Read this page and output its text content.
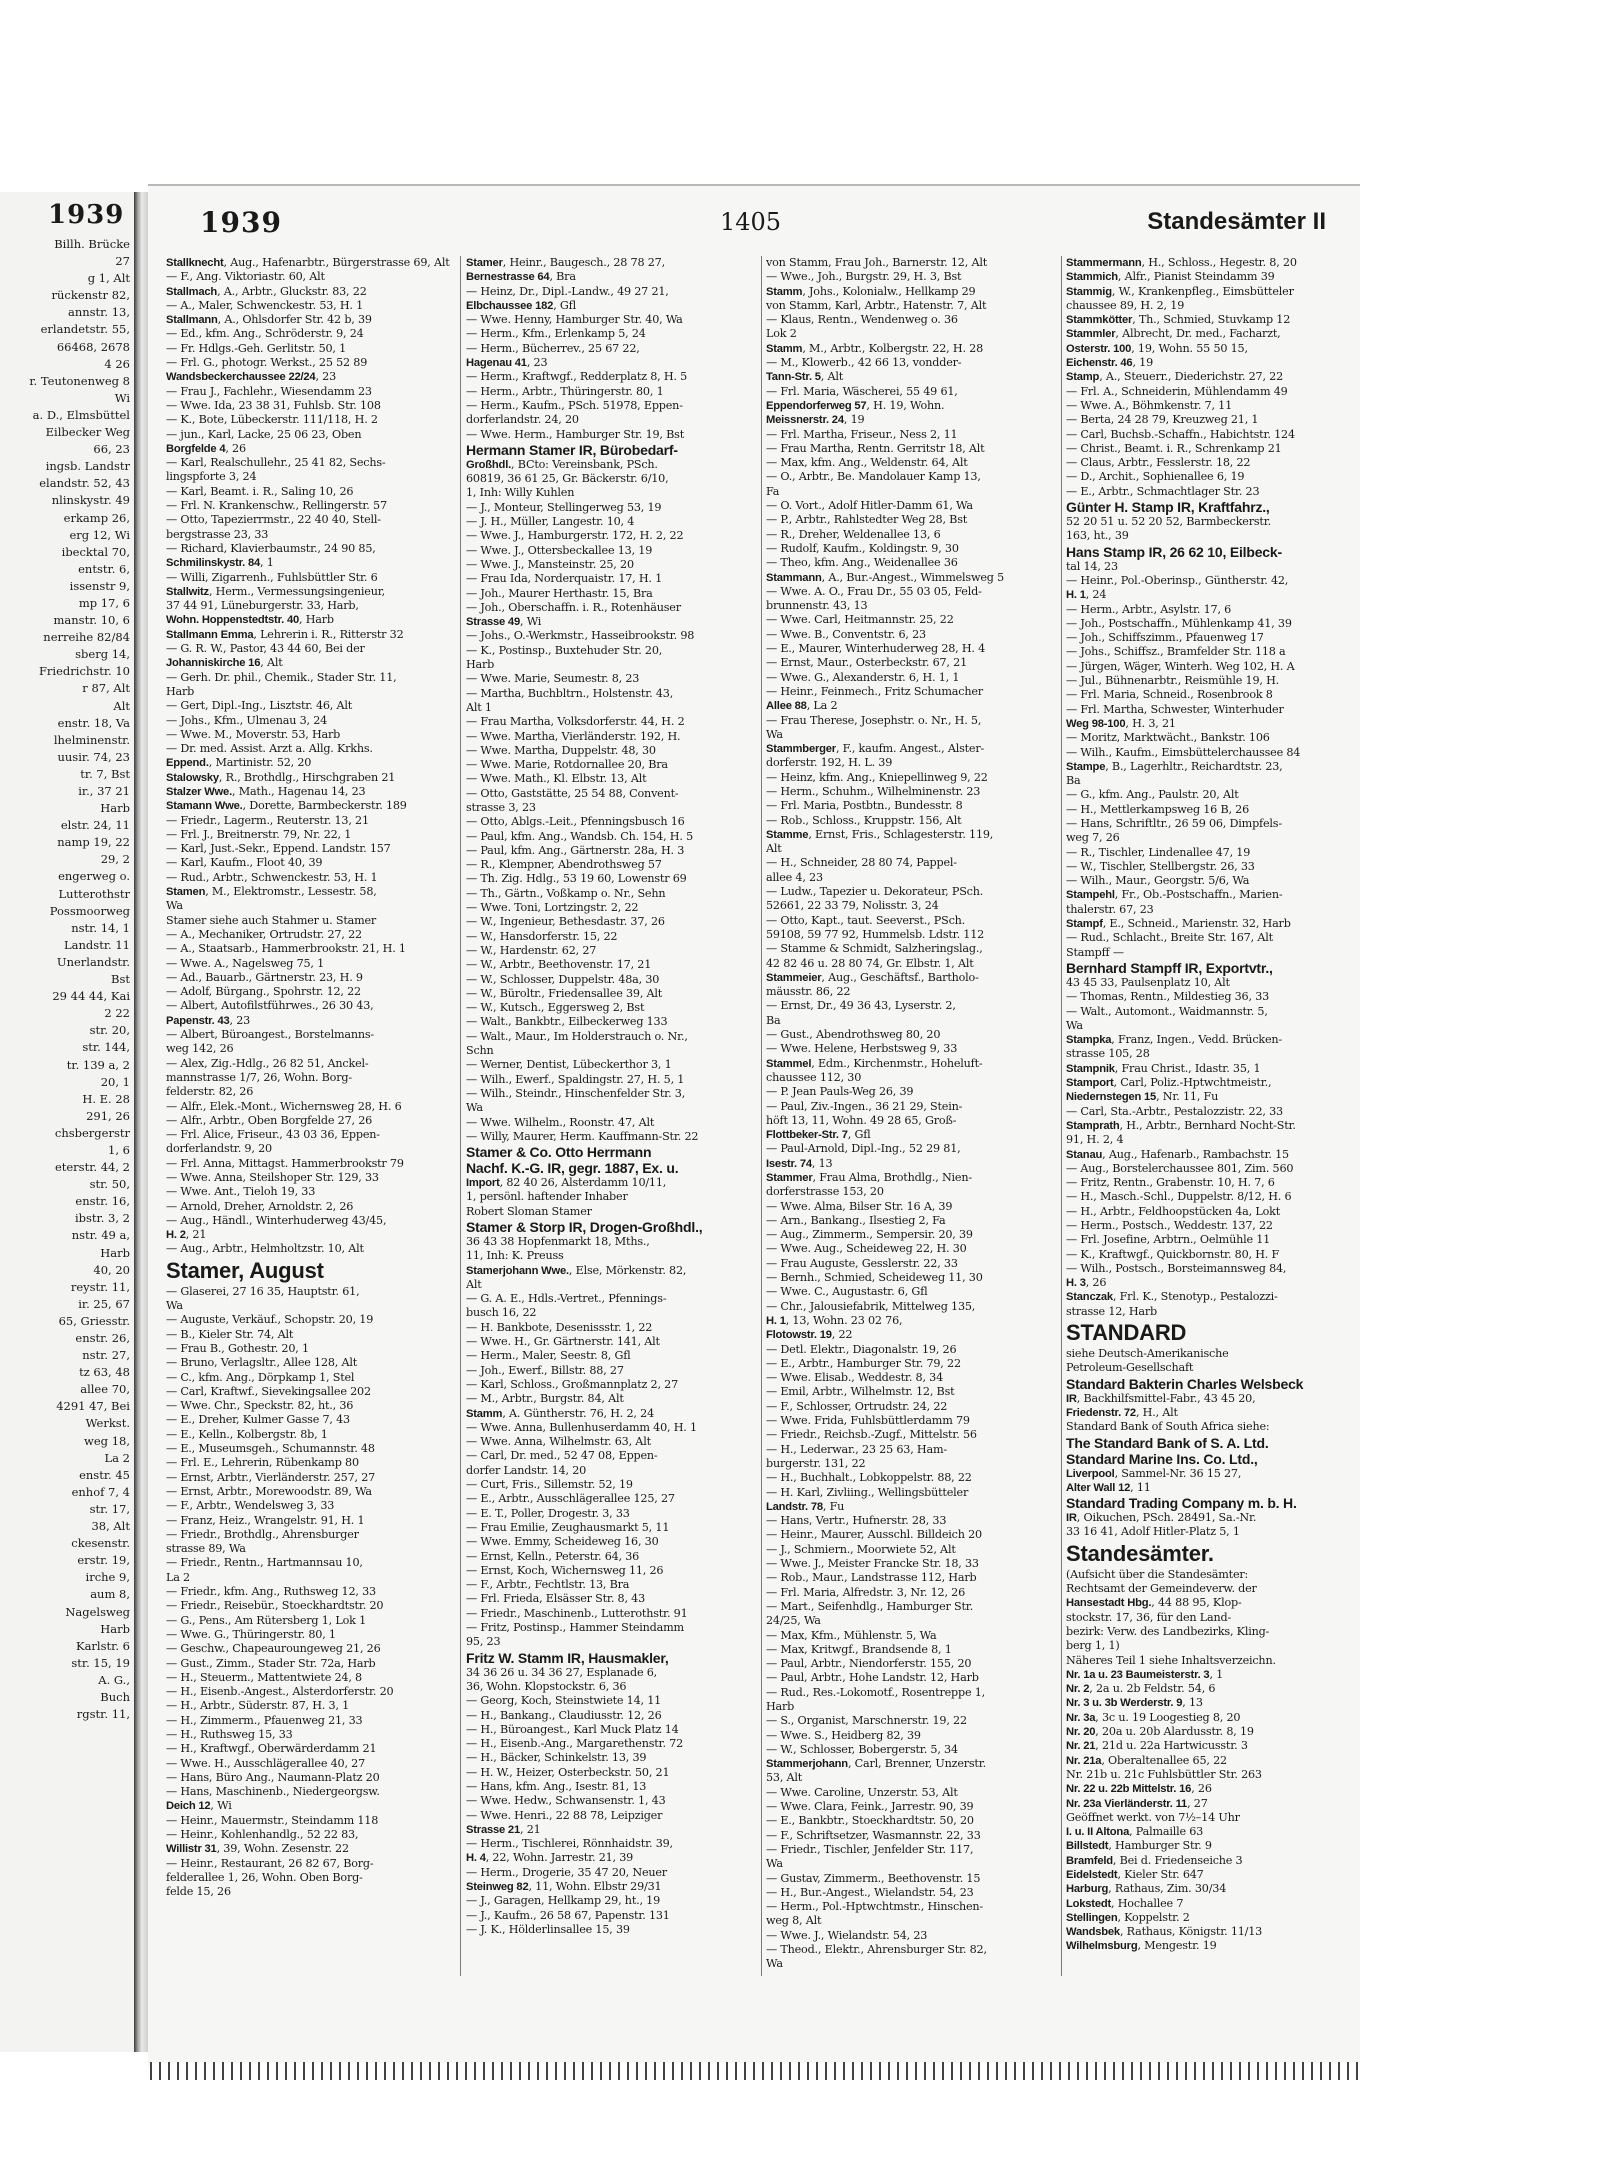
1939
Billh. Brücke
27
g 1, Alt
rückenstr 82,
annstr. 13,
erlandetstr. 55,
66468, 2678
4 26
r. Teutonenweg 8
Wi
a. D., Elmsbüttel
Eilbecker Weg
66, 23
ingsb. Landstr
elandstr. 52, 43
nlinskystr. 49
erkamp 26,
erg 12, Wi
ibecktal 70,
entstr. 6,
issenstr 9,
mp 17, 6
manstr. 10, 6
nerreihe 82/84
sberg 14,
Friedrichstr. 10
r 87, Alt
Alt
enstr. 18, Va
lhelminenstr.
uusir. 74, 23
tr. 7, Bst
ir., 37 21
Harb
elstr. 24, 11
namp 19, 22
29, 2
engerweg o.
Lutterothstr
Possmoorweg
nstr. 14, 1
Landstr. 11
Unerlandstr.
Bst
29 44 44, Kai
2 22
str. 20,
str. 144,
tr. 139 a, 2
20, 1
H. E. 28
291, 26
chsbergerstr
1, 6
eterstr. 44, 2
str. 50,
enstr. 16,
ibstr. 3, 2
nstr. 49 a,
Harb
40, 20
reystr. 11,
ir. 25, 67
65, Griesstr.
enstr. 26,
nstr. 27,
tz 63, 48
allee 70,
4291 47, Bei
Werkst.
weg 18,
La 2
enstr. 45
enhof 7, 4
str. 17,
38, Alt
ckesenstr.
erstr. 19,
irche 9,
aum 8,
Nagelsweg
Harb
Karlstr. 6
str. 15, 19
A. G.,
Buch
rgstr. 11,
1939	1405	Standesämter II
Stallknecht, Aug., Hafenarbtr., Bürgerstrasse 69, Alt
— F., Ang. Viktoriastr. 60, Alt
Stallmach, A., Arbtr., Gluckstr. 83, 22
— A., Maler, Schwenckestr. 53, H. 1
Stallmann, A., Ohlsdorfer Str. 42 b, 39
— Ed., kfm. Ang., Schröderstr. 9, 24
— Fr. Hdlgs.-Geh. Gerlitstr. 50, 1
— Frl. G., photogr. Werkst., 25 52 89
Wandsbeckerchaussee 22/24, 23
— Frau J., Fachlehr., Wiesendamm 23
— Wwe. Ida, 23 38 31, Fuhlsb. Str. 108
— K., Bote, Lübeckerstr. 111/118, H. 2
— jun., Karl, Lacke, 25 06 23, Oben
Borgfelde 4, 26
— Karl, Realschullehr., 25 41 82, Sechs-
lingspforte 3, 24
— Karl, Beamt. i. R., Saling 10, 26
— Frl. N. Krankenschw., Rellingerstr. 57
— Otto, Tapezierrmstr., 22 40 40, Stell-
bergstrasse 23, 33
— Richard, Klavierbaumstr., 24 90 85,
Schmilinskystr. 84, 1
— Willi, Zigarrenh., Fuhlsbüttler Str. 6
Stallwitz, Herm., Vermessungsingenieur,
37 44 91, Lüneburgerstr. 33, Harb,
Wohn. Hoppenstedtstr. 40, Harb
Stallmann Emma, Lehrerin i. R., Ritterstr 32
— G. R. W., Pastor, 43 44 60, Bei der
Johanniskirche 16, Alt
— Gerh. Dr. phil., Chemik., Stader Str. 11,
Harb
— Gert, Dipl.-Ing., Lisztstr. 46, Alt
— Johs., Kfm., Ulmenau 3, 24
— Wwe. M., Moverstr. 53, Harb
— Dr. med. Assist. Arzt a. Allg. Krkhs.
Eppend., Martinistr. 52, 20
Stalowsky, R., Brothdlg., Hirschgraben 21
Stalzer Wwe., Math., Hagenau 14, 23
Stamann Wwe., Dorette, Barmbeckerstr. 189
— Friedr., Lagerm., Reuterstr. 13, 21
— Frl. J., Breitnerstr. 79, Nr. 22, 1
— Karl, Just.-Sekr., Eppend. Landstr. 157
— Karl, Kaufm., Floot 40, 39
— Rud., Arbtr., Schwenckestr. 53, H. 1
Stamen, M., Elektromstr., Lessestr. 58,
Wa
Stamer siehe auch Stahmer u. Stamer
— A., Mechaniker, Ortrudstr. 27, 22
— A., Staatsarb., Hammerbrookstr. 21, H. 1
— Wwe. A., Nagelsweg 75, 1
— Ad., Bauarb., Gärtnerstr. 23, H. 9
— Adolf, Bürgang., Spohrstr. 12, 22
— Albert, Autofilstführwes., 26 30 43,
Papenstr. 43, 23
— Albert, Büroangest., Borstelmanns-
weg 142, 26
— Alex, Zig.-Hdlg., 26 82 51, Anckel-
mannstrasse 1/7, 26, Wohn. Borg-
felderstr. 82, 26
— Alfr., Elek.-Mont., Wichernsweg 28, H. 6
— Alfr., Arbtr., Oben Borgfelde 27, 26
— Frl. Alice, Friseur., 43 03 36, Eppen-
dorferlandstr. 9, 20
— Frl. Anna, Mittagst. Hammerbrookstr 79
— Wwe. Anna, Steilshoper Str. 129, 33
— Wwe. Ant., Tieloh 19, 33
— Arnold, Dreher, Arnoldstr. 2, 26
— Aug., Händl., Winterhuderweg 43/45,
H. 2, 21
— Aug., Arbtr., Helmholtzstr. 10, Alt
Stamer, August
— Glaserei, 27 16 35, Hauptstr. 61,
Wa
— Auguste, Verkäuf., Schopstr. 20, 19
— B., Kieler Str. 74, Alt
— Frau B., Gothestr. 20, 1
— Bruno, Verlagsltr., Allee 128, Alt
— C., kfm. Ang., Dörpkamp 1, Stel
— Carl, Kraftwf., Sievekingsallee 202
— Wwe. Chr., Speckstr. 82, ht., 36
— E., Dreher, Kulmer Gasse 7, 43
— E., Kelln., Kolbergstr. 8b, 1
— E., Museumsgeh., Schumannstr. 48
— Frl. E., Lehrerin, Rübenkamp 80
— Ernst, Arbtr., Vierländerstr. 257, 27
— Ernst, Arbtr., Morewoodstr. 89, Wa
— F., Arbtr., Wendelsweg 3, 33
— Franz, Heiz., Wrangelstr. 91, H. 1
— Friedr., Brothdlg., Ahrensburger
strasse 89, Wa
— Friedr., Rentn., Hartmannsau 10,
La 2
— Friedr., kfm. Ang., Ruthsweg 12, 33
— Friedr., Reisebür., Stoeckhardtstr. 20
— G., Pens., Am Rütersberg 1, Lok 1
— Wwe. G., Thüringerstr. 80, 1
— Geschw., Chapeauroungeweg 21, 26
— Gust., Zimm., Stader Str. 72a, Harb
— H., Steuerm., Mattentwiete 24, 8
— H., Eisenb.-Angest., Alsterdorferstr. 20
— H., Arbtr., Süderstr. 87, H. 3, 1
— H., Zimmerm., Pfauenweg 21, 33
— H., Ruthsweg 15, 33
— H., Kraftwgf., Oberwärderdamm 21
— Wwe. H., Ausschlägerallee 40, 27
— Hans, Büro Ang., Naumann-Platz 20
— Hans, Maschinenb., Niedergeorgsw.
Deich 12, Wi
— Heinr., Mauermstr., Steindamm 118
— Heinr., Kohlenhandlg., 52 22 83,
Willistr 31, 39, Wohn. Zesenstr. 22
— Heinr., Restaurant, 26 82 67, Borg-
felderallee 1, 26, Wohn. Oben Borg-
felde 15, 26
Stamer, Heinr., Baugesch., 28 78 27,
Bernestrasse 64, Bra
— Heinz, Dr., Dipl.-Landw., 49 27 21,
Elbchaussee 182, Gfl
— Wwe. Henny, Hamburger Str. 40, Wa
— Herm., Kfm., Erlenkamp 5, 24
— Herm., Bücherrev., 25 67 22,
Hagenau 41, 23
— Herm., Kraftwgf., Redderplatz 8, H. 5
— Herm., Arbtr., Thüringerstr. 80, 1
— Herm., Kaufm., PSch. 51978, Eppen-
dorferlandstr. 24, 20
— Wwe. Herm., Hamburger Str. 19, Bst
Hermann Stamer IR, Bürobedarf-
Großhdl., BCto: Vereinsbank, PSch.
60819, 36 61 25, Gr. Bäckerstr. 6/10,
1, Inh: Willy Kuhlen
— J., Monteur, Stellingerweg 53, 19
— J. H., Müller, Langestr. 10, 4
— Wwe. J., Hamburgerstr. 172, H. 2, 22
— Wwe. J., Ottersbeckallee 13, 19
— Wwe. J., Mansteinstr. 25, 20
— Frau Ida, Norderquaistr. 17, H. 1
— Joh., Maurer Herthastr. 15, Bra
— Joh., Oberschaffn. i. R., Rotenhäuser
Strasse 49, Wi
— Johs., O.-Werkmstr., Hasseibrookstr. 98
— K., Postinsp., Buxtehuder Str. 20,
Harb
— Wwe. Marie, Seumestr. 8, 23
— Martha, Buchbltrn., Holstenstr. 43,
Alt 1
— Frau Martha, Volksdorferstr. 44, H. 2
— Wwe. Martha, Vierländerstr. 192, H.
— Wwe. Martha, Duppelstr. 48, 30
— Wwe. Marie, Rotdornallee 20, Bra
— Wwe. Math., Kl. Elbstr. 13, Alt
— Otto, Gaststätte, 25 54 88, Convent-
strasse 3, 23
— Otto, Ablgs.-Leit., Pfenningsbusch 16
— Paul, kfm. Ang., Wandsb. Ch. 154, H. 5
— Paul, kfm. Ang., Gärtnerstr. 28a, H. 3
— R., Klempner, Abendrothsweg 57
— Th. Zig. Hdlg., 53 19 60, Lowenstr 69
— Th., Gärtn., Voßkamp o. Nr., Sehn
— Wwe. Toni, Lortzingstr. 2, 22
— W., Ingenieur, Bethesdastr. 37, 26
— W., Hansdorferstr. 15, 22
— W., Hardenstr. 62, 27
— W., Arbtr., Beethovenstr. 17, 21
— W., Schlosser, Duppelstr. 48a, 30
— W., Büroltr., Friedensallee 39, Alt
— W., Kutsch., Eggersweg 2, Bst
— Walt., Bankbtr., Eilbeckerweg 133
— Walt., Maur., Im Holderstrauch o. Nr.,
Schn
— Werner, Dentist, Lübeckerthor 3, 1
— Wilh., Ewerf., Spaldingstr. 27, H. 5, 1
— Wilh., Steindr., Hinschenfelder Str. 3,
Wa
— Wwe. Wilhelm., Roonstr. 47, Alt
— Willy, Maurer, Herm. Kauffmann-Str. 22
Stamer & Co. Otto Herrmann
Nachf. K.-G. IR, gegr. 1887, Ex. u.
Import, 82 40 26, Alsterdamm 10/11,
1, persönl. haftender Inhaber
Robert Sloman Stamer
Stamer & Storp IR, Drogen-Großhdl.,
36 43 38 Hopfenmarkt 18, Mths.,
11, Inh: K. Preuss
Stamerjohann Wwe., Else, Mörkenstr. 82,
Alt
— G. A. E., Hdls.-Vertret., Pfennings-
busch 16, 22
— H. Bankbote, Desenissstr. 1, 22
— Wwe. H., Gr. Gärtnerstr. 141, Alt
— Herm., Maler, Seestr. 8, Gfl
— Joh., Ewerf., Billstr. 88, 27
— Karl, Schloss., Großmannplatz 2, 27
— M., Arbtr., Burgstr. 84, Alt
Stamm, A. Güntherstr. 76, H. 2, 24
— Wwe. Anna, Bullenhuserdamm 40, H. 1
— Wwe. Anna, Wilhelmstr. 63, Alt
— Carl, Dr. med., 52 47 08, Eppen-
dorfer Landstr. 14, 20
— Curt, Fris., Sillemstr. 52, 19
— E., Arbtr., Ausschlägerallee 125, 27
— E. T., Poller, Drogestr. 3, 33
— Frau Emilie, Zeughausmarkt 5, 11
— Wwe. Emmy, Scheideweg 16, 30
— Ernst, Kelln., Peterstr. 64, 36
— Ernst, Koch, Wichernsweg 11, 26
— F., Arbtr., Fechtlstr. 13, Bra
— Frl. Frieda, Elsässer Str. 8, 43
— Friedr., Maschinenb., Lutterothstr. 91
— Fritz, Postinsp., Hammer Steindamm
95, 23
Fritz W. Stamm IR, Hausmakler,
34 36 26 u. 34 36 27, Esplanade 6,
36, Wohn. Klopstockstr. 6, 36
— Georg, Koch, Steinstwiete 14, 11
— H., Bankang., Claudiusstr. 12, 26
— H., Büroangest., Karl Muck Platz 14
— H., Eisenb.-Ang., Margarethenstr. 72
— H., Bäcker, Schinkelstr. 13, 39
— H. W., Heizer, Osterbeckstr. 50, 21
— Hans, kfm. Ang., Isestr. 81, 13
— Wwe. Hedw., Schwansenstr. 1, 43
— Wwe. Henri., 22 88 78, Leipziger
Strasse 21, 21
— Herm., Tischlerei, Rönnhaidstr. 39,
H. 4, 22, Wohn. Jarrestr. 21, 39
— Herm., Drogerie, 35 47 20, Neuer
Steinweg 82, 11, Wohn. Elbstr 29/31
— J., Garagen, Hellkamp 29, ht., 19
— J., Kaufm., 26 58 67, Papenstr. 131
— J. K., Hölderlinsallee 15, 39
von Stamm, Frau Joh., Barnerstr. 12, Alt
— Wwe., Joh., Burgstr. 29, H. 3, Bst
Stamm, Johs., Kolonialw., Hellkamp 29
von Stamm, Karl, Arbtr., Hatenstr. 7, Alt
— Klaus, Rentn., Wendenweg o. 36
Lok 2
Stamm, M., Arbtr., Kolbergstr. 22, H. 28
— M., Klowerb., 42 66 13, vondder-
Tann-Str. 5, Alt
— Frl. Maria, Wäscherei, 55 49 61,
Eppendorferweg 57, H. 19, Wohn.
Meissnerstr. 24, 19
— Frl. Martha, Friseur., Ness 2, 11
— Frau Martha, Rentn. Gerritstr 18, Alt
— Max, kfm. Ang., Weldenstr. 64, Alt
— O., Arbtr., Be. Mandolauer Kamp 13,
Fa
— O. Vort., Adolf Hitler-Damm 61, Wa
— P., Arbtr., Rahlstedter Weg 28, Bst
— R., Dreher, Weldenallee 13, 6
— Rudolf, Kaufm., Koldingstr. 9, 30
— Theo, kfm. Ang., Weidenallee 36
Stammann, A., Bur.-Angest., Wimmelsweg 5
— Wwe. A. O., Frau Dr., 55 03 05, Feld-
brunnenstr. 43, 13
— Wwe. Carl, Heitmannstr. 25, 22
— Wwe. B., Conventstr. 6, 23
— E., Maurer, Winterhuderweg 28, H. 4
— Ernst, Maur., Osterbeckstr. 67, 21
— Wwe. G., Alexanderstr. 6, H. 1, 1
— Heinr., Feinmech., Fritz Schumacher
Allee 88, La 2
— Frau Therese, Josephstr. o. Nr., H. 5,
Wa
Stammberger, F., kaufm. Angest., Alster-
dorferstr. 192, H. L. 39
— Heinz, kfm. Ang., Kniepellinweg 9, 22
— Herm., Schuhm., Wilhelminenstr. 23
— Frl. Maria, Postbtn., Bundesstr. 8
— Rob., Schloss., Kruppstr. 156, Alt
Stamme, Ernst, Fris., Schlagesterstr. 119,
Alt
— H., Schneider, 28 80 74, Pappel-
allee 4, 23
— Ludw., Tapezier u. Dekorateur, PSch.
52661, 22 33 79, Nolisstr. 3, 24
— Otto, Kapt., taut. Seeverst., PSch.
59108, 59 77 92, Hummelsb. Ldstr. 112
— Stamme & Schmidt, Salzheringslag.,
42 82 46 u. 28 80 74, Gr. Elbstr. 1, Alt
Stammeier, Aug., Geschäftsf., Bartholo-
mäusstr. 86, 22
— Ernst, Dr., 49 36 43, Lyserstr. 2,
Ba
— Gust., Abendrothsweg 80, 20
— Wwe. Helene, Herbstsweg 9, 33
Stammel, Edm., Kirchenmstr., Hoheluft-
chaussee 112, 30
— P. Jean Pauls-Weg 26, 39
— Paul, Ziv.-Ingen., 36 21 29, Stein-
höft 13, 11, Wohn. 49 28 65, Groß-
Flottbeker-Str. 7, Gfl
— Paul-Arnold, Dipl.-Ing., 52 29 81,
Isestr. 74, 13
Stammer, Frau Alma, Brothdlg., Nien-
dorferstrasse 153, 20
— Wwe. Alma, Bilser Str. 16 A, 39
— Arn., Bankang., Ilsestieg 2, Fa
— Aug., Zimmerm., Sempersir. 20, 39
— Wwe. Aug., Scheideweg 22, H. 30
— Frau Auguste, Gesslerstr. 22, 33
— Bernh., Schmied, Scheideweg 11, 30
— Wwe. C., Augustastr. 6, Gfl
— Chr., Jalousiefabrik, Mittelweg 135,
H. 1, 13, Wohn. 23 02 76,
Flotowstr. 19, 22
— Detl. Elektr., Diagonalstr. 19, 26
— E., Arbtr., Hamburger Str. 79, 22
— Wwe. Elisab., Weddestr. 8, 34
— Emil, Arbtr., Wilhelmstr. 12, Bst
— F., Schlosser, Ortrudstr. 24, 22
— Wwe. Frida, Fuhlsbüttlerdamm 79
— Friedr., Reichsb.-Zugf., Mittelstr. 56
— H., Lederwar., 23 25 63, Ham-
burgerstr. 131, 22
— H., Buchhalt., Lobkoppelstr. 88, 22
— H. Karl, Zivliing., Wellingsbütteler
Landstr. 78, Fu
— Hans, Vertr., Hufnerstr. 28, 33
— Heinr., Maurer, Ausschl. Billdeich 20
— J., Schmiern., Moorwiete 52, Alt
— Wwe. J., Meister Francke Str. 18, 33
— Rob., Maur., Landstrasse 112, Harb
— Frl. Maria, Alfredstr. 3, Nr. 12, 26
— Mart., Seifenhdlg., Hamburger Str.
24/25, Wa
— Max, Kfm., Mühlenstr. 5, Wa
— Max, Kritwgf., Brandsende 8, 1
— Paul, Arbtr., Niendorferstr. 155, 20
— Paul, Arbtr., Hohe Landstr. 12, Harb
— Rud., Res.-Lokomotf., Rosentreppe 1,
Harb
— S., Organist, Marschnerstr. 19, 22
— Wwe. S., Heidberg 82, 39
— W., Schlosser, Bobergerstr. 5, 34
Stammerjohann, Carl, Brenner, Unzerstr.
53, Alt
— Wwe. Caroline, Unzerstr. 53, Alt
— Wwe. Clara, Feink., Jarrestr. 90, 39
— E., Bankbtr., Stoeckhardtstr. 50, 20
— F., Schriftsetzer, Wasmannstr. 22, 33
— Friedr., Tischler, Jenfelder Str. 117,
Wa
— Gustav, Zimmerm., Beethovenstr. 15
— H., Bur.-Angest., Wielandstr. 54, 23
— Herm., Pol.-Hptwchtmstr., Hinschen-
weg 8, Alt
— Wwe. J., Wielandstr. 54, 23
— Theod., Elektr., Ahrensburger Str. 82,
Wa
Stammermann, H., Schloss., Hegestr. 8, 20
Stammich, Alfr., Pianist Steindamm 39
Stammig, W., Krankenpfleg., Eimsbütteler
chaussee 89, H. 2, 19
Stammkötter, Th., Schmied, Stuvkamp 12
Stammler, Albrecht, Dr. med., Facharzt,
Osterstr. 100, 19, Wohn. 55 50 15,
Eichenstr. 46, 19
Stamp, A., Steuerr., Diederichstr. 27, 22
— Frl. A., Schneiderin, Mühlendamm 49
— Wwe. A., Böhmkenstr. 7, 11
— Berta, 24 28 79, Kreuzweg 21, 1
— Carl, Buchsb.-Schaffn., Habichtstr. 124
— Christ., Beamt. i. R., Schrenkamp 21
— Claus, Arbtr., Fesslerstr. 18, 22
— D., Archit., Sophienallee 6, 19
— E., Arbtr., Schmachtlager Str. 23
Günter H. Stamp IR, Kraftfahrz.,
52 20 51 u. 52 20 52, Barmbeckerstr.
163, ht., 39
Hans Stamp IR, 26 62 10, Eilbeck-
tal 14, 23
— Heinr., Pol.-Oberinsp., Güntherstr. 42,
H. 1, 24
— Herm., Arbtr., Asylstr. 17, 6
— Joh., Postschaffn., Mühlenkamp 41, 39
— Joh., Schiffszimm., Pfauenweg 17
— Johs., Schiffsz., Bramfelder Str. 118 a
— Jürgen, Wäger, Winterh. Weg 102, H. A
— Jul., Bühnenarbtr., Reismühle 19, H.
— Frl. Maria, Schneid., Rosenbrook 8
— Frl. Martha, Schwester, Winterhuder
Weg 98-100, H. 3, 21
— Moritz, Marktwächt., Bankstr. 106
— Wilh., Kaufm., Eimsbüttelerchaussee 84
Stampe, B., Lagerhltr., Reichardtstr. 23,
Ba
— G., kfm. Ang., Paulstr. 20, Alt
— H., Mettlerkampsweg 16 B, 26
— Hans, Schriftltr., 26 59 06, Dimpfels-
weg 7, 26
— R., Tischler, Lindenallee 47, 19
— W., Tischler, Stellbergstr. 26, 33
— Wilh., Maur., Georgstr. 5/6, Wa
Stampehl, Fr., Ob.-Postschaffn., Marien-
thalerstr. 67, 23
Stampf, E., Schneid., Marienstr. 32, Harb
— Rud., Schlacht., Breite Str. 167, Alt
Stampff —
Bernhard Stampff IR, Exportvtr.,
43 45 33, Paulsenplatz 10, Alt
— Thomas, Rentn., Mildestieg 36, 33
— Walt., Automont., Waidmannstr. 5,
Wa
Stampka, Franz, Ingen., Vedd. Brücken-
strasse 105, 28
Stampnik, Frau Christ., Idastr. 35, 1
Stamport, Carl, Poliz.-Hptwchtmeistr.,
Niedernstegen 15, Nr. 11, Fu
— Carl, Sta.-Arbtr., Pestalozzistr. 22, 33
Stamprath, H., Arbtr., Bernhard Nocht-Str.
91, H. 2, 4
Stanau, Aug., Hafenarb., Rambachstr. 15
— Aug., Borstelerchaussee 801, Zim. 560
— Fritz, Rentn., Grabenstr. 10, H. 7, 6
— H., Masch.-Schl., Duppelstr. 8/12, H. 6
— H., Arbtr., Feldhoopstücken 4a, Lokt
— Herm., Postsch., Weddestr. 137, 22
— Frl. Josefine, Arbtrn., Oelmühle 11
— K., Kraftwgf., Quickbornstr. 80, H. F
— Wilh., Postsch., Borsteimannsweg 84,
H. 3, 26
Stanczak, Frl. K., Stenotyp., Pestalozzi-
strasse 12, Harb
STANDARD
siehe Deutsch-Amerikanische
Petroleum-Gesellschaft
Standard Bakterin Charles Welsbeck
IR, Backhilfsmittel-Fabr., 43 45 20,
Friedenstr. 72, H., Alt
Standard Bank of South Africa siehe:
The Standard Bank of S. A. Ltd.
Standard Marine Ins. Co. Ltd.,
Liverpool, Sammel-Nr. 36 15 27,
Alter Wall 12, 11
Standard Trading Company m. b. H.
IR, Oikuchen, PSch. 28491, Sa.-Nr.
33 16 41, Adolf Hitler-Platz 5, 1
Standesämter.
(Aufsicht über die Standesämter:
Rechtsamt der Gemeindeverw. der
Hansestadt Hbg., 44 88 95, Klop-
stockstr. 17, 36, für den Land-
bezirk: Verw. des Landbezirks, Kling-
berg 1, 1)
Näheres Teil 1 siehe Inhaltsverzeichn.
Nr. 1a u. 23 Baumeisterstr. 3, 1
Nr. 2, 2a u. 2b Feldstr. 54, 6
Nr. 3 u. 3b Werderstr. 9, 13
Nr. 3a, 3c u. 19 Loogestieg 8, 20
Nr. 20, 20a u. 20b Alardusstr. 8, 19
Nr. 21, 21d u. 22a Hartwicusstr. 3
Nr. 21a, Oberaltenallee 65, 22
Nr. 21b u. 21c Fuhlsbüttler Str. 263
Nr. 22 u. 22b Mittelstr. 16, 26
Nr. 23a Vierländerstr. 11, 27
Geöffnet werkt. von 7½–14 Uhr
I. u. II Altona, Palmaille 63
Billstedt, Hamburger Str. 9
Bramfeld, Bei d. Friedenseiche 3
Eidelstedt, Kieler Str. 647
Harburg, Rathaus, Zim. 30/34
Lokstedt, Hochallee 7
Stellingen, Koppelstr. 2
Wandsbek, Rathaus, Königstr. 11/13
Wilhelmsburg, Mengestr. 19
